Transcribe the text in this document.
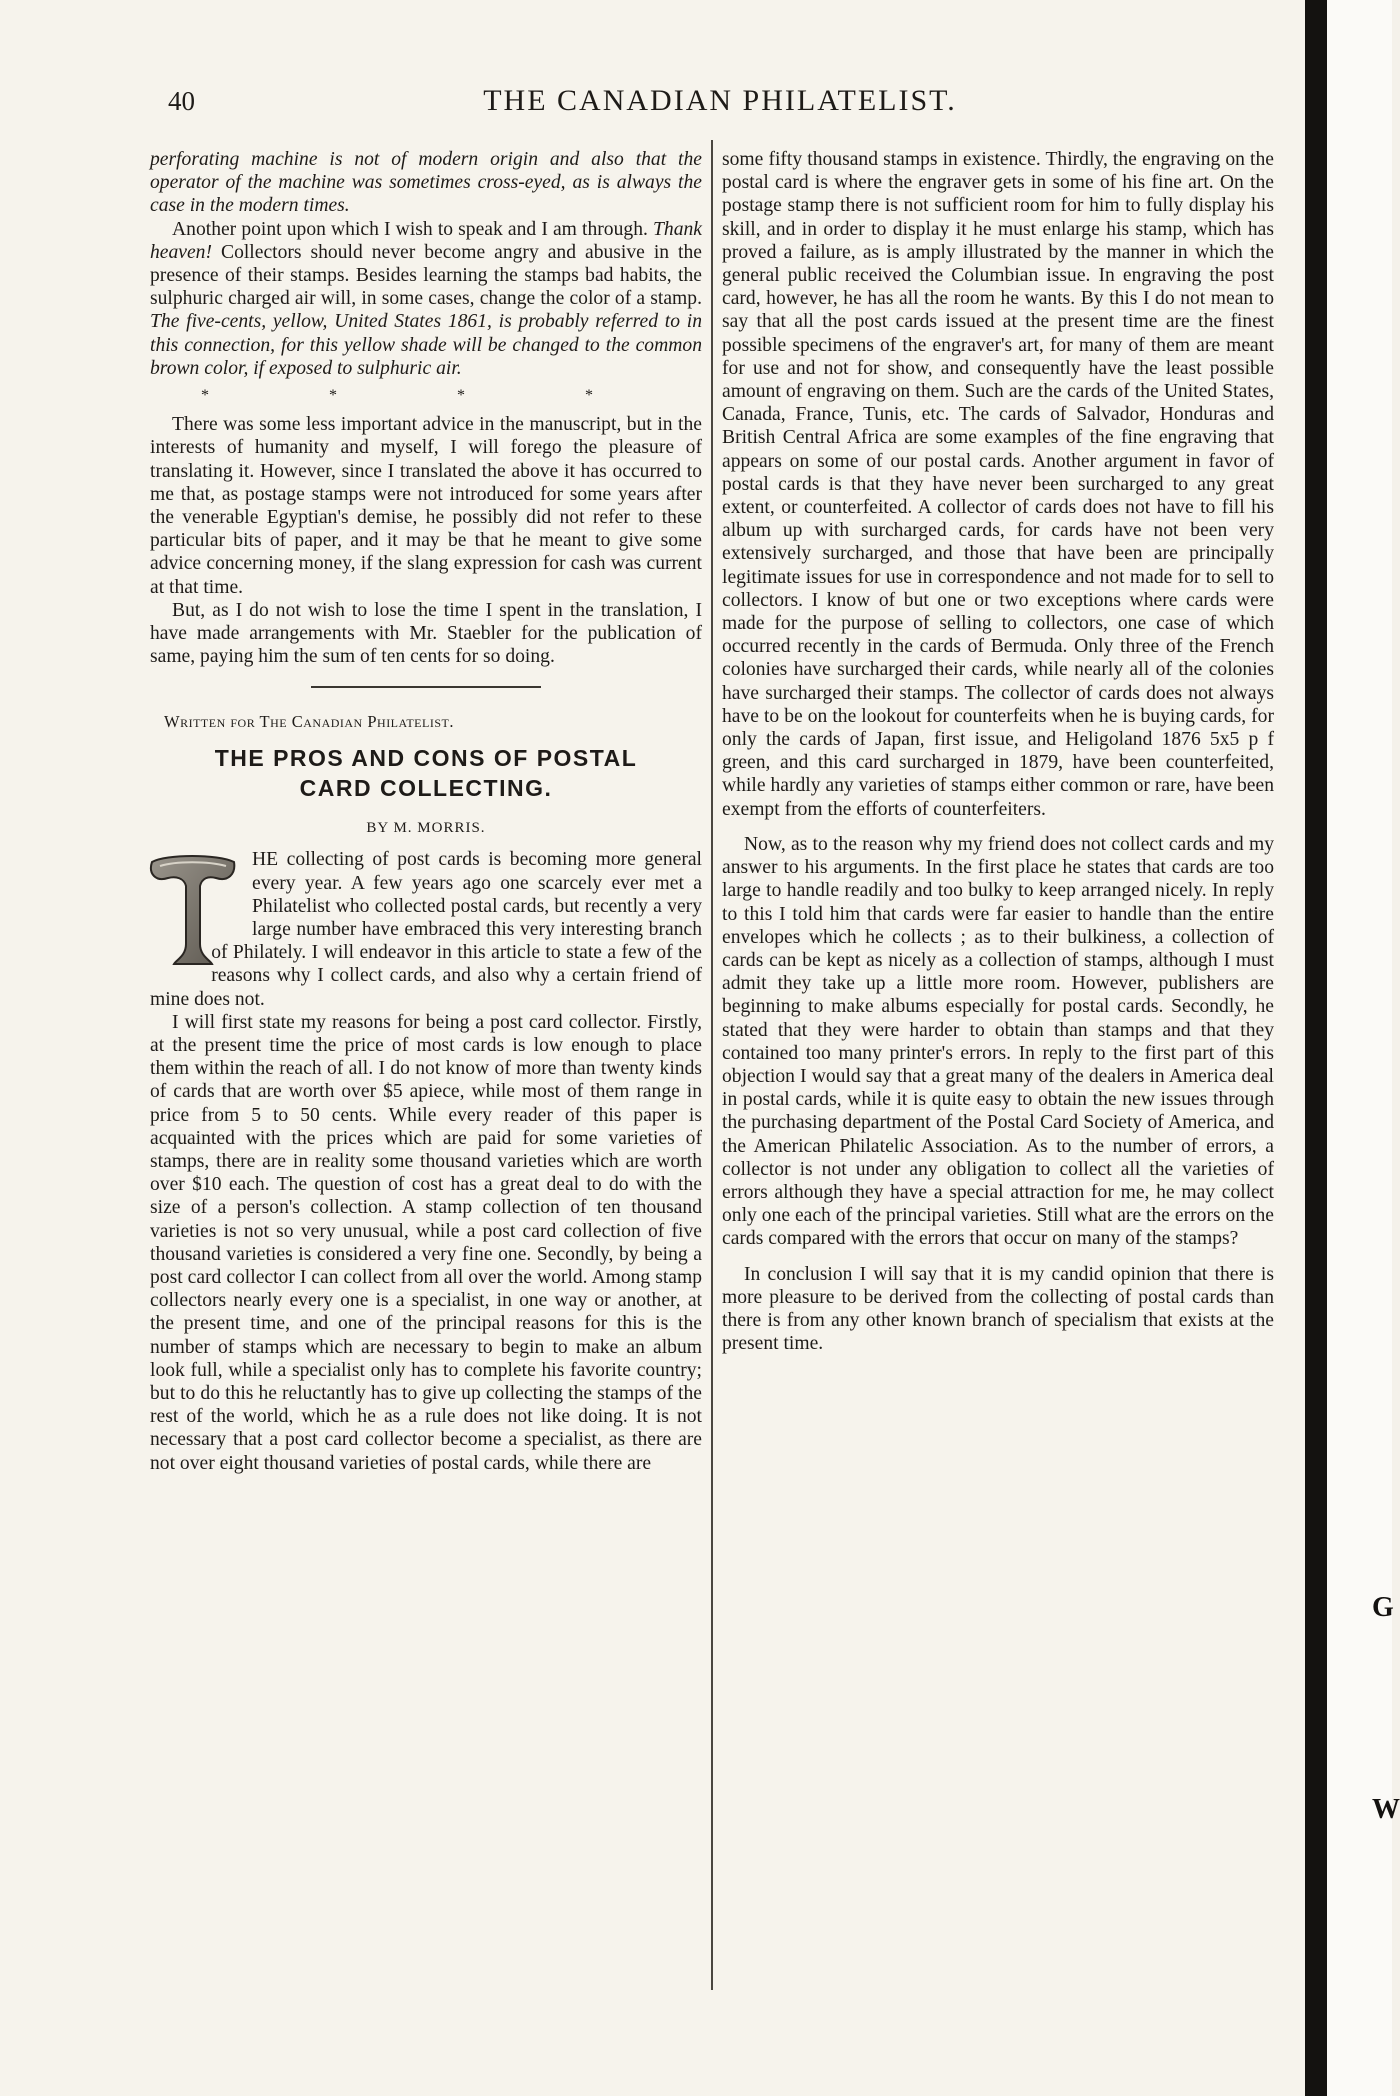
40	THE CANADIAN PHILATELIST.

perforating machine is not of modern origin and also that the operator of the machine was sometimes cross-eyed, as is always the case in the modern times.

Another point upon which I wish to speak and I am through. Thank heaven! Collectors should never become angry and abusive in the presence of their stamps. Besides learning the stamps bad habits, the sulphuric charged air will, in some cases, change the color of a stamp. The five-cents, yellow, United States 1861, is probably referred to in this connection, for this yellow shade will be changed to the common brown color, if exposed to sulphuric air.

* * * *

There was some less important advice in the manuscript, but in the interests of humanity and myself, I will forego the pleasure of translating it. However, since I translated the above it has occurred to me that, as postage stamps were not introduced for some years after the venerable Egyptian's demise, he possibly did not refer to these particular bits of paper, and it may be that he meant to give some advice concerning money, if the slang expression for cash was current at that time.

But, as I do not wish to lose the time I spent in the translation, I have made arrangements with Mr. Staebler for the publication of same, paying him the sum of ten cents for so doing.

Written for The Canadian Philatelist.
THE PROS AND CONS OF POSTAL
CARD COLLECTING.
BY M. MORRIS.

HE collecting of post cards is becoming more general every year. A few years ago one scarcely ever met a Philatelist who collected postal cards, but recently a very large number have embraced this very interesting branch of Philately. I will endeavor in this article to state a few of the reasons why I collect cards, and also why a certain friend of mine does not.

I will first state my reasons for being a post card collector. Firstly, at the present time the price of most cards is low enough to place them within the reach of all. I do not know of more than twenty kinds of cards that are worth over $5 apiece, while most of them range in price from 5 to 50 cents. While every reader of this paper is acquainted with the prices which are paid for some varieties of stamps, there are in reality some thousand varieties which are worth over $10 each. The question of cost has a great deal to do with the size of a person's collection. A stamp collection of ten thousand varieties is not so very unusual, while a post card collection of five thousand varieties is considered a very fine one. Secondly, by being a post card collector I can collect from all over the world. Among stamp collectors nearly every one is a specialist, in one way or another, at the present time, and one of the principal reasons for this is the number of stamps which are necessary to begin to make an album look full, while a specialist only has to complete his favorite country; but to do this he reluctantly has to give up collecting the stamps of the rest of the world, which he as a rule does not like doing. It is not necessary that a post card collector become a specialist, as there are not over eight thousand varieties of postal cards, while there are

some fifty thousand stamps in existence. Thirdly, the engraving on the postal card is where the engraver gets in some of his fine art. On the postage stamp there is not sufficient room for him to fully display his skill, and in order to display it he must enlarge his stamp, which has proved a failure, as is amply illustrated by the manner in which the general public received the Columbian issue. In engraving the post card, however, he has all the room he wants. By this I do not mean to say that all the post cards issued at the present time are the finest possible specimens of the engraver's art, for many of them are meant for use and not for show, and consequently have the least possible amount of engraving on them. Such are the cards of the United States, Canada, France, Tunis, etc. The cards of Salvador, Honduras and British Central Africa are some examples of the fine engraving that appears on some of our postal cards. Another argument in favor of postal cards is that they have never been surcharged to any great extent, or counterfeited. A collector of cards does not have to fill his album up with surcharged cards, for cards have not been very extensively surcharged, and those that have been are principally legitimate issues for use in correspondence and not made for to sell to collectors. I know of but one or two exceptions where cards were made for the purpose of selling to collectors, one case of which occurred recently in the cards of Bermuda. Only three of the French colonies have surcharged their cards, while nearly all of the colonies have surcharged their stamps. The collector of cards does not always have to be on the lookout for counterfeits when he is buying cards, for only the cards of Japan, first issue, and Heligoland 1876 5x5 p f green, and this card surcharged in 1879, have been counterfeited, while hardly any varieties of stamps either common or rare, have been exempt from the efforts of counterfeiters.

Now, as to the reason why my friend does not collect cards and my answer to his arguments. In the first place he states that cards are too large to handle readily and too bulky to keep arranged nicely. In reply to this I told him that cards were far easier to handle than the entire envelopes which he collects ; as to their bulkiness, a collection of cards can be kept as nicely as a collection of stamps, although I must admit they take up a little more room. However, publishers are beginning to make albums especially for postal cards. Secondly, he stated that they were harder to obtain than stamps and that they contained too many printer's errors. In reply to the first part of this objection I would say that a great many of the dealers in America deal in postal cards, while it is quite easy to obtain the new issues through the purchasing department of the Postal Card Society of America, and the American Philatelic Association. As to the number of errors, a collector is not under any obligation to collect all the varieties of errors although they have a special attraction for me, he may collect only one each of the principal varieties. Still what are the errors on the cards compared with the errors that occur on many of the stamps?

In conclusion I will say that it is my candid opinion that there is more pleasure to be derived from the collecting of postal cards than there is from any other known branch of specialism that exists at the present time.

G
W
